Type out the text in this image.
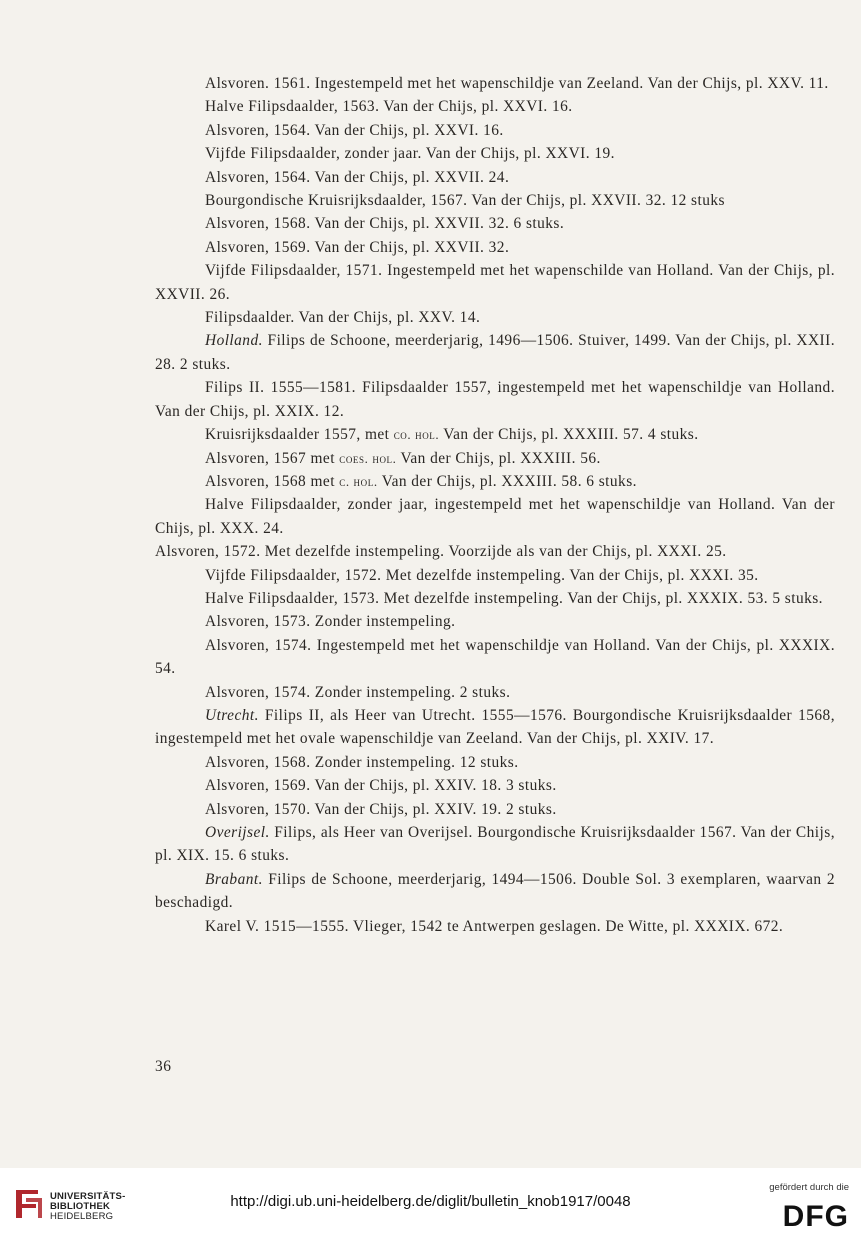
Alsvoren. 1561. Ingestempeld met het wapenschildje van Zeeland. Van der Chijs, pl. XXV. 11.

Halve Filipsdaalder, 1563. Van der Chijs, pl. XXVI. 16.

Alsvoren, 1564. Van der Chijs, pl. XXVI. 16.

Vijfde Filipsdaalder, zonder jaar. Van der Chijs, pl. XXVI. 19.

Alsvoren, 1564. Van der Chijs, pl. XXVII. 24.

Bourgondische Kruisrijksdaalder, 1567. Van der Chijs, pl. XXVII. 32. 12 stuks

Alsvoren, 1568. Van der Chijs, pl. XXVII. 32. 6 stuks.

Alsvoren, 1569. Van der Chijs, pl. XXVII. 32.

Vijfde Filipsdaalder, 1571. Ingestempeld met het wapenschilde van Holland. Van der Chijs, pl. XXVII. 26.

Filipsdaalder. Van der Chijs, pl. XXV. 14.

Holland. Filips de Schoone, meerderjarig, 1496—1506. Stuiver, 1499. Van der Chijs, pl. XXII. 28. 2 stuks.

Filips II. 1555—1581. Filipsdaalder 1557, ingestempeld met het wapenschildje van Holland. Van der Chijs, pl. XXIX. 12.

Kruisrijksdaalder 1557, met co. hol. Van der Chijs, pl. XXXIII. 57. 4 stuks.

Alsvoren, 1567 met coes. hol. Van der Chijs, pl. XXXIII. 56.

Alsvoren, 1568 met c. hol. Van der Chijs, pl. XXXIII. 58. 6 stuks.

Halve Filipsdaalder, zonder jaar, ingestempeld met het wapenschildje van Holland. Van der Chijs, pl. XXX. 24.

Alsvoren, 1572. Met dezelfde instempeling. Voorzijde als van der Chijs, pl. XXXI. 25.

Vijfde Filipsdaalder, 1572. Met dezelfde instempeling. Van der Chijs, pl. XXXI. 35.

Halve Filipsdaalder, 1573. Met dezelfde instempeling. Van der Chijs, pl. XXXIX. 53. 5 stuks.

Alsvoren, 1573. Zonder instempeling.

Alsvoren, 1574. Ingestempeld met het wapenschildje van Holland. Van der Chijs, pl. XXXIX. 54.

Alsvoren, 1574. Zonder instempeling. 2 stuks.

Utrecht. Filips II, als Heer van Utrecht. 1555—1576. Bourgondische Kruisrijksdaalder 1568, ingestempeld met het ovale wapenschildje van Zeeland. Van der Chijs, pl. XXIV. 17.

Alsvoren, 1568. Zonder instempeling. 12 stuks.

Alsvoren, 1569. Van der Chijs, pl. XXIV. 18. 3 stuks.

Alsvoren, 1570. Van der Chijs, pl. XXIV. 19. 2 stuks.

Overijsel. Filips, als Heer van Overijsel. Bourgondische Kruisrijksdaalder 1567. Van der Chijs, pl. XIX. 15. 6 stuks.

Brabant. Filips de Schoone, meerderjarig, 1494—1506. Double Sol. 3 exemplaren, waarvan 2 beschadigd.

Karel V. 1515—1555. Vlieger, 1542 te Antwerpen geslagen. De Witte, pl. XXXIX. 672.

36
UNIVERSITÄTS-
BIBLIOTHEK
HEIDELBERG
http://digi.ub.uni-heidelberg.de/diglit/bulletin_knob1917/0048
gefördert durch die
DFG
